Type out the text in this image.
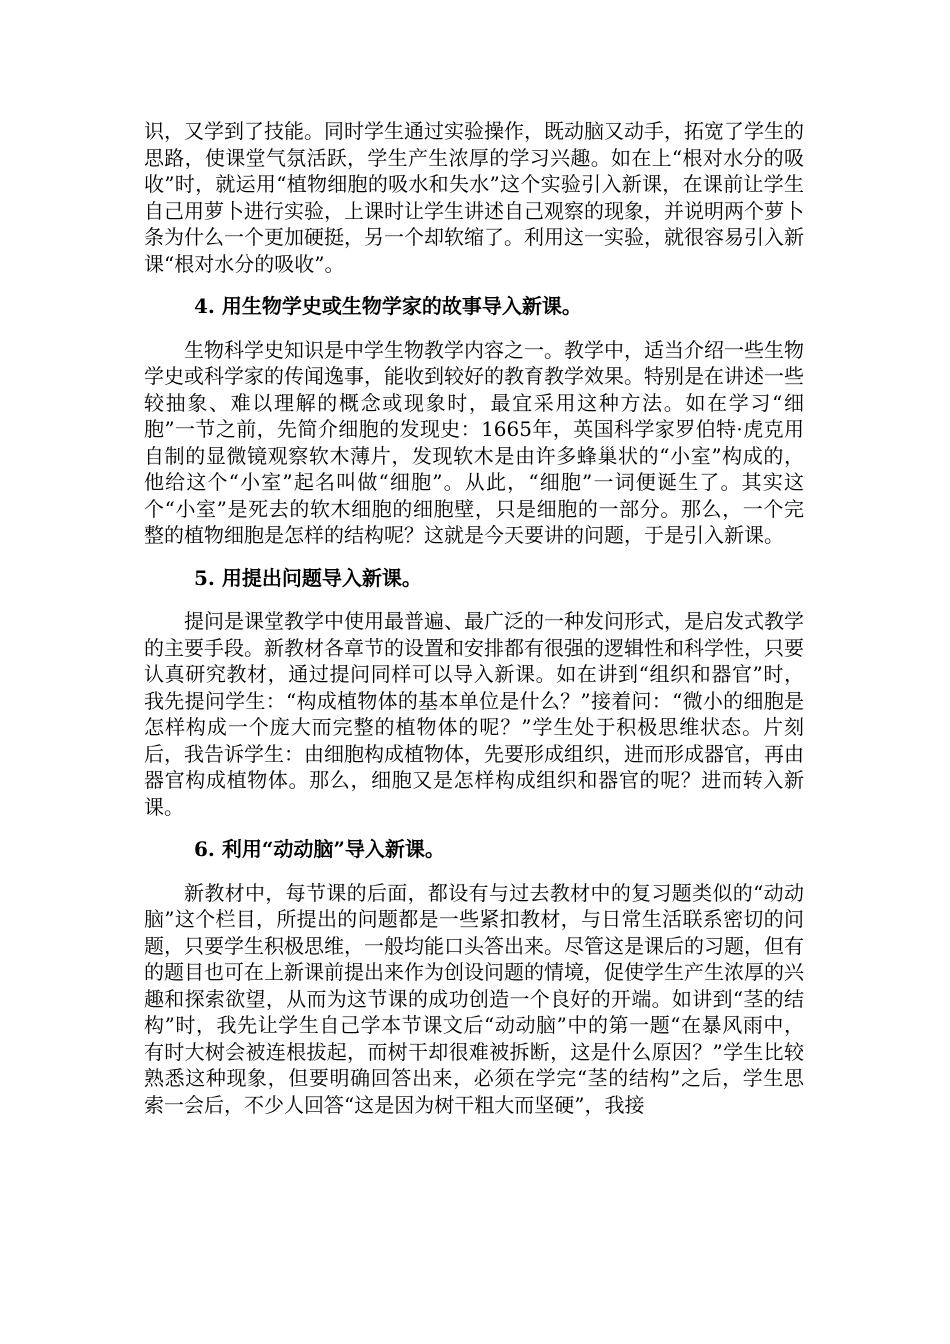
识，又学到了技能。同时学生通过实验操作，既动脑又动手，拓宽了学生的思路，使课堂气氛活跃，学生产生浓厚的学习兴趣。如在上“根对水分的吸收”时，就运用“植物细胞的吸水和失水”这个实验引入新课，在课前让学生自己用萝卜进行实验，上课时让学生讲述自己观察的现象，并说明两个萝卜条为什么一个更加硬挺，另一个却软缩了。利用这一实验，就很容易引入新课“根对水分的吸收”。

4. 用生物学史或生物学家的故事导入新课。

生物科学史知识是中学生物教学内容之一。教学中，适当介绍一些生物学史或科学家的传闻逸事，能收到较好的教育教学效果。特别是在讲述一些较抽象、难以理解的概念或现象时，最宜采用这种方法。如在学习“细胞”一节之前，先简介细胞的发现史：1665年，英国科学家罗伯特·虎克用自制的显微镜观察软木薄片，发现软木是由许多蜂巢状的“小室”构成的，他给这个“小室”起名叫做“细胞”。从此，“细胞”一词便诞生了。其实这个“小室”是死去的软木细胞的细胞壁，只是细胞的一部分。那么，一个完整的植物细胞是怎样的结构呢？这就是今天要讲的问题，于是引入新课。

5. 用提出问题导入新课。

提问是课堂教学中使用最普遍、最广泛的一种发问形式，是启发式教学的主要手段。新教材各章节的设置和安排都有很强的逻辑性和科学性，只要认真研究教材，通过提问同样可以导入新课。如在讲到“组织和器官”时，我先提问学生：“构成植物体的基本单位是什么？”接着问：“微小的细胞是怎样构成一个庞大而完整的植物体的呢？”学生处于积极思维状态。片刻后，我告诉学生：由细胞构成植物体，先要形成组织，进而形成器官，再由器官构成植物体。那么，细胞又是怎样构成组织和器官的呢？进而转入新课。

6. 利用“动动脑”导入新课。

新教材中，每节课的后面，都设有与过去教材中的复习题类似的“动动脑”这个栏目，所提出的问题都是一些紧扣教材，与日常生活联系密切的问题，只要学生积极思维，一般均能口头答出来。尽管这是课后的习题，但有的题目也可在上新课前提出来作为创设问题的情境，促使学生产生浓厚的兴趣和探索欲望，从而为这节课的成功创造一个良好的开端。如讲到“茎的结构”时，我先让学生自己学本节课文后“动动脑”中的第一题“在暴风雨中，有时大树会被连根拔起，而树干却很难被拆断，这是什么原因？”学生比较熟悉这种现象，但要明确回答出来，必须在学完“茎的结构”之后，学生思索一会后，不少人回答“这是因为树干粗大而坚硬”，我接
